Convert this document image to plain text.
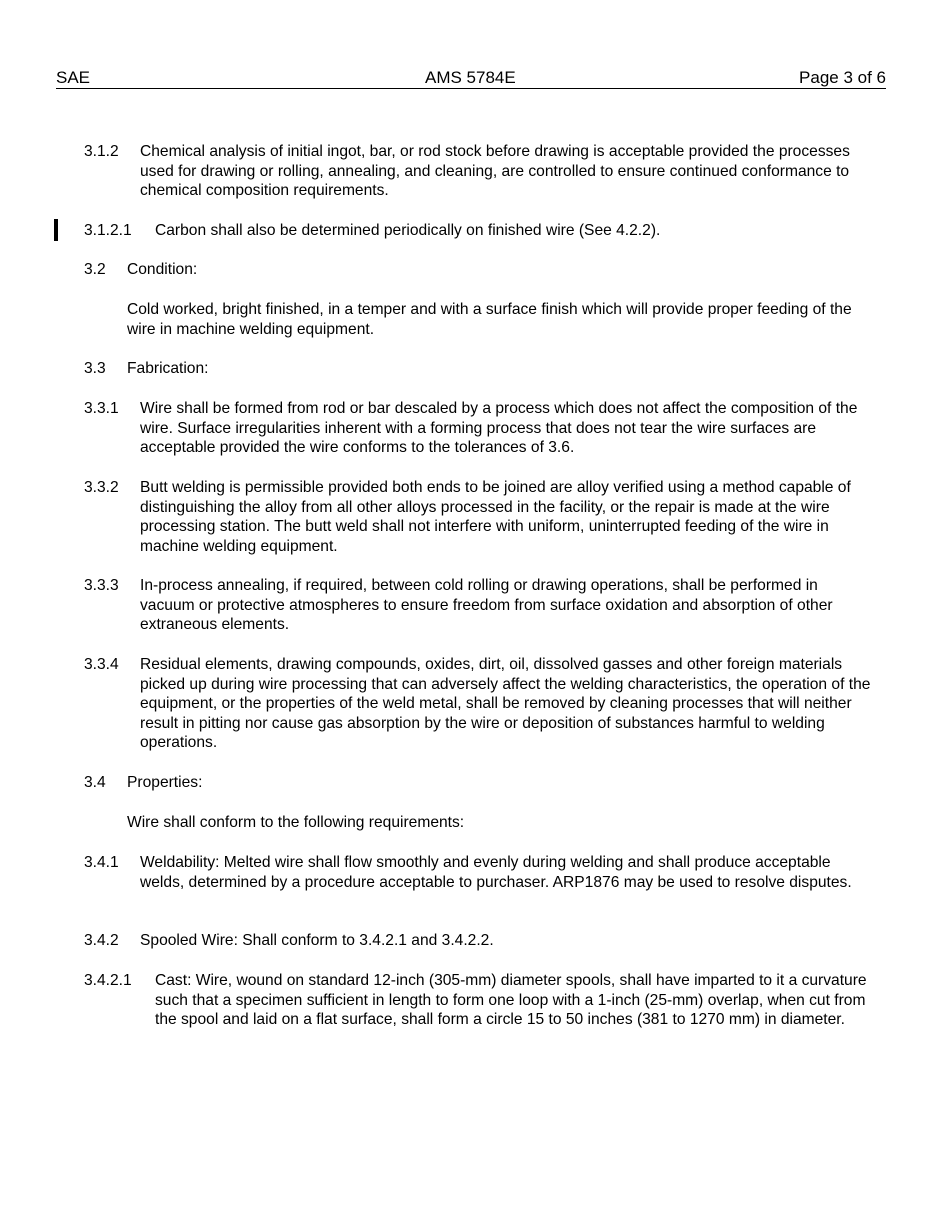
SAE	AMS 5784E	Page 3 of 6
3.1.2 Chemical analysis of initial ingot, bar, or rod stock before drawing is acceptable provided the processes used for drawing or rolling, annealing, and cleaning, are controlled to ensure continued conformance to chemical composition requirements.
3.1.2.1 Carbon shall also be determined periodically on finished wire (See 4.2.2).
3.2 Condition:
Cold worked, bright finished, in a temper and with a surface finish which will provide proper feeding of the wire in machine welding equipment.
3.3 Fabrication:
3.3.1 Wire shall be formed from rod or bar descaled by a process which does not affect the composition of the wire. Surface irregularities inherent with a forming process that does not tear the wire surfaces are acceptable provided the wire conforms to the tolerances of 3.6.
3.3.2 Butt welding is permissible provided both ends to be joined are alloy verified using a method capable of distinguishing the alloy from all other alloys processed in the facility, or the repair is made at the wire processing station. The butt weld shall not interfere with uniform, uninterrupted feeding of the wire in machine welding equipment.
3.3.3 In-process annealing, if required, between cold rolling or drawing operations, shall be performed in vacuum or protective atmospheres to ensure freedom from surface oxidation and absorption of other extraneous elements.
3.3.4 Residual elements, drawing compounds, oxides, dirt, oil, dissolved gasses and other foreign materials picked up during wire processing that can adversely affect the welding characteristics, the operation of the equipment, or the properties of the weld metal, shall be removed by cleaning processes that will neither result in pitting nor cause gas absorption by the wire or deposition of substances harmful to welding operations.
3.4 Properties:
Wire shall conform to the following requirements:
3.4.1 Weldability: Melted wire shall flow smoothly and evenly during welding and shall produce acceptable welds, determined by a procedure acceptable to purchaser. ARP1876 may be used to resolve disputes.
3.4.2 Spooled Wire: Shall conform to 3.4.2.1 and 3.4.2.2.
3.4.2.1 Cast: Wire, wound on standard 12-inch (305-mm) diameter spools, shall have imparted to it a curvature such that a specimen sufficient in length to form one loop with a 1-inch (25-mm) overlap, when cut from the spool and laid on a flat surface, shall form a circle 15 to 50 inches (381 to 1270 mm) in diameter.
